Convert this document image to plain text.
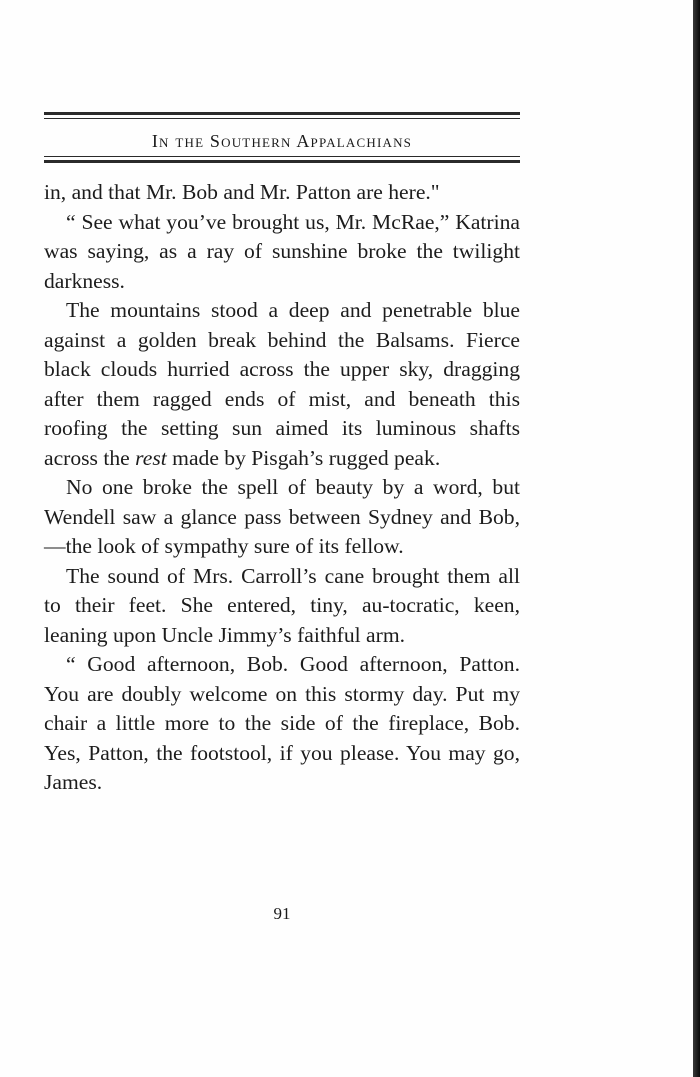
In the Southern Appalachians

in, and that Mr. Bob and Mr. Patton are here."

“ See what you’ve brought us, Mr. McRae,” Katrina was saying, as a ray of sunshine broke the twilight darkness.

The mountains stood a deep and penetrable blue against a golden break behind the Balsams. Fierce black clouds hurried across the upper sky, dragging after them ragged ends of mist, and beneath this roofing the setting sun aimed its luminous shafts across the rest made by Pisgah’s rugged peak.

No one broke the spell of beauty by a word, but Wendell saw a glance pass between Sydney and Bob,—the look of sympathy sure of its fellow.

The sound of Mrs. Carroll’s cane brought them all to their feet. She entered, tiny, au-tocratic, keen, leaning upon Uncle Jimmy’s faithful arm.

“ Good afternoon, Bob. Good afternoon, Patton. You are doubly welcome on this stormy day. Put my chair a little more to the side of the fireplace, Bob. Yes, Patton, the footstool, if you please. You may go, James.

91
